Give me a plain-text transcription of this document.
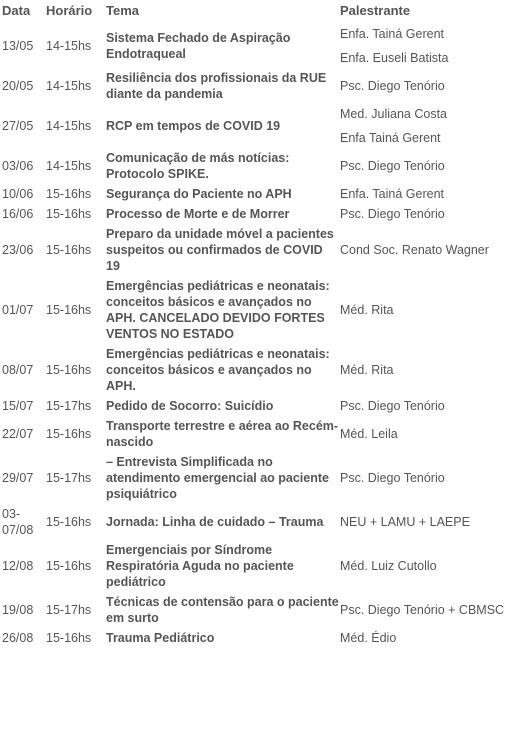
Data	Horário	Tema	Palestrante
13/05	14-15hs	Sistema Fechado de Aspiração Endotraqueal	Enfa. Tainá Gerent
Enfa. Euseli Batista

20/05	14-15hs	Resiliência dos profissionais da RUE diante da pandemia	Psc. Diego Tenório

27/05	14-15hs	RCP em tempos de COVID 19	Med. Juliana Costa
Enfa Tainá Gerent

03/06	14-15hs	Comunicação de más notícias: Protocolo SPIKE.	Psc. Diego Tenório

10/06	15-16hs	Segurança do Paciente no APH	Enfa. Tainá Gerent

16/06	15-16hs	Processo de Morte e de Morrer	Psc. Diego Tenório

23/06	15-16hs	Preparo da unidade móvel a pacientes suspeitos ou confirmados de COVID 19	Cond Soc. Renato Wagner

01/07	15-16hs	Emergências pediátricas e neonatais: conceitos básicos e avançados no APH. CANCELADO DEVIDO FORTES VENTOS NO ESTADO	Méd. Rita

08/07	15-16hs	Emergências pediátricas e neonatais: conceitos básicos e avançados no APH.	Méd. Rita

15/07	15-17hs	Pedido de Socorro: Suicídio	Psc. Diego Tenório

22/07	15-16hs	Transporte terrestre e aérea ao Recém-nascido	Méd. Leila

29/07	15-17hs	– Entrevista Simplificada no atendimento emergencial ao paciente psiquiátrico	Psc. Diego Tenório

03-07/08	15-16hs	Jornada: Linha de cuidado – Trauma	NEU + LAMU + LAEPE

12/08	15-16hs	Emergenciais por Síndrome Respiratória Aguda no paciente pediátrico	Méd. Luiz Cutollo

19/08	15-17hs	Técnicas de contensão para o paciente em surto	Psc. Diego Tenório + CBMSC

26/08	15-16hs	Trauma Pediátrico	Méd. Édio
